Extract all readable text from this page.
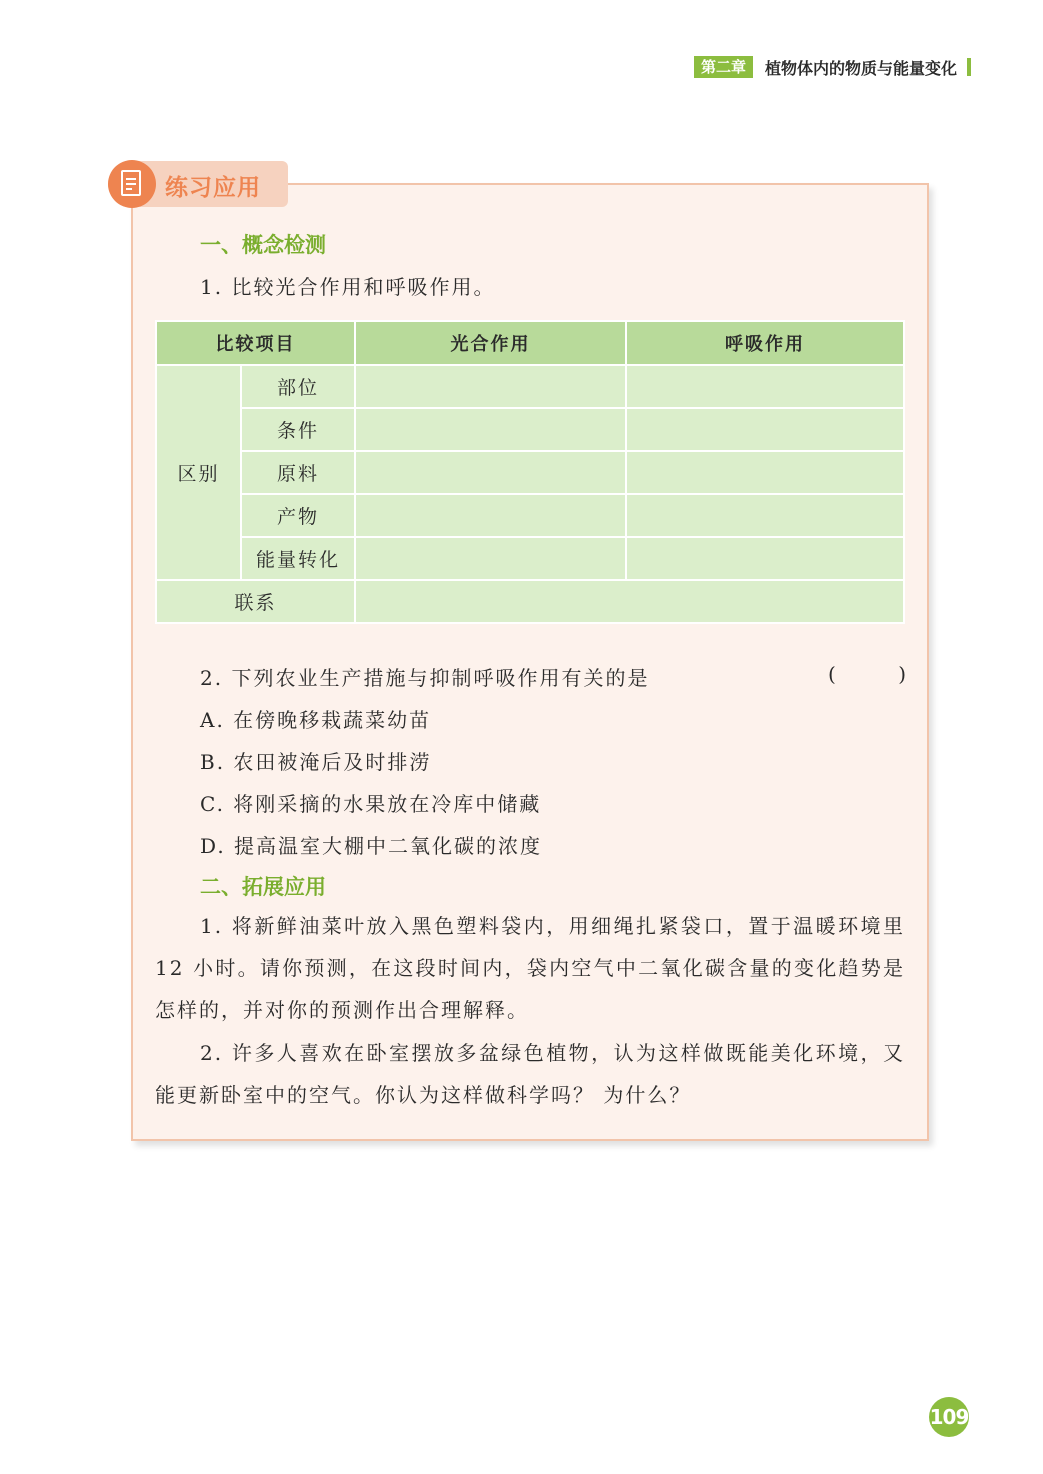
第二章	植物体内的物质与能量变化
练习应用
一、概念检测
1. 比较光合作用和呼吸作用。
比较项目		光合作用	呼吸作用
区别	部位		
	条件		
	原料		
	产物		
	能量转化		
联系			
2. 下列农业生产措施与抑制呼吸作用有关的是	(	)
A. 在傍晚移栽蔬菜幼苗
B. 农田被淹后及时排涝
C. 将刚采摘的水果放在冷库中储藏
D. 提高温室大棚中二氧化碳的浓度
二、拓展应用
1. 将新鲜油菜叶放入黑色塑料袋内，用细绳扎紧袋口，置于温暖环境里 12 小时。请你预测，在这段时间内，袋内空气中二氧化碳含量的变化趋势是怎样的，并对你的预测作出合理解释。
2. 许多人喜欢在卧室摆放多盆绿色植物，认为这样做既能美化环境，又能更新卧室中的空气。你认为这样做科学吗？ 为什么？
109
